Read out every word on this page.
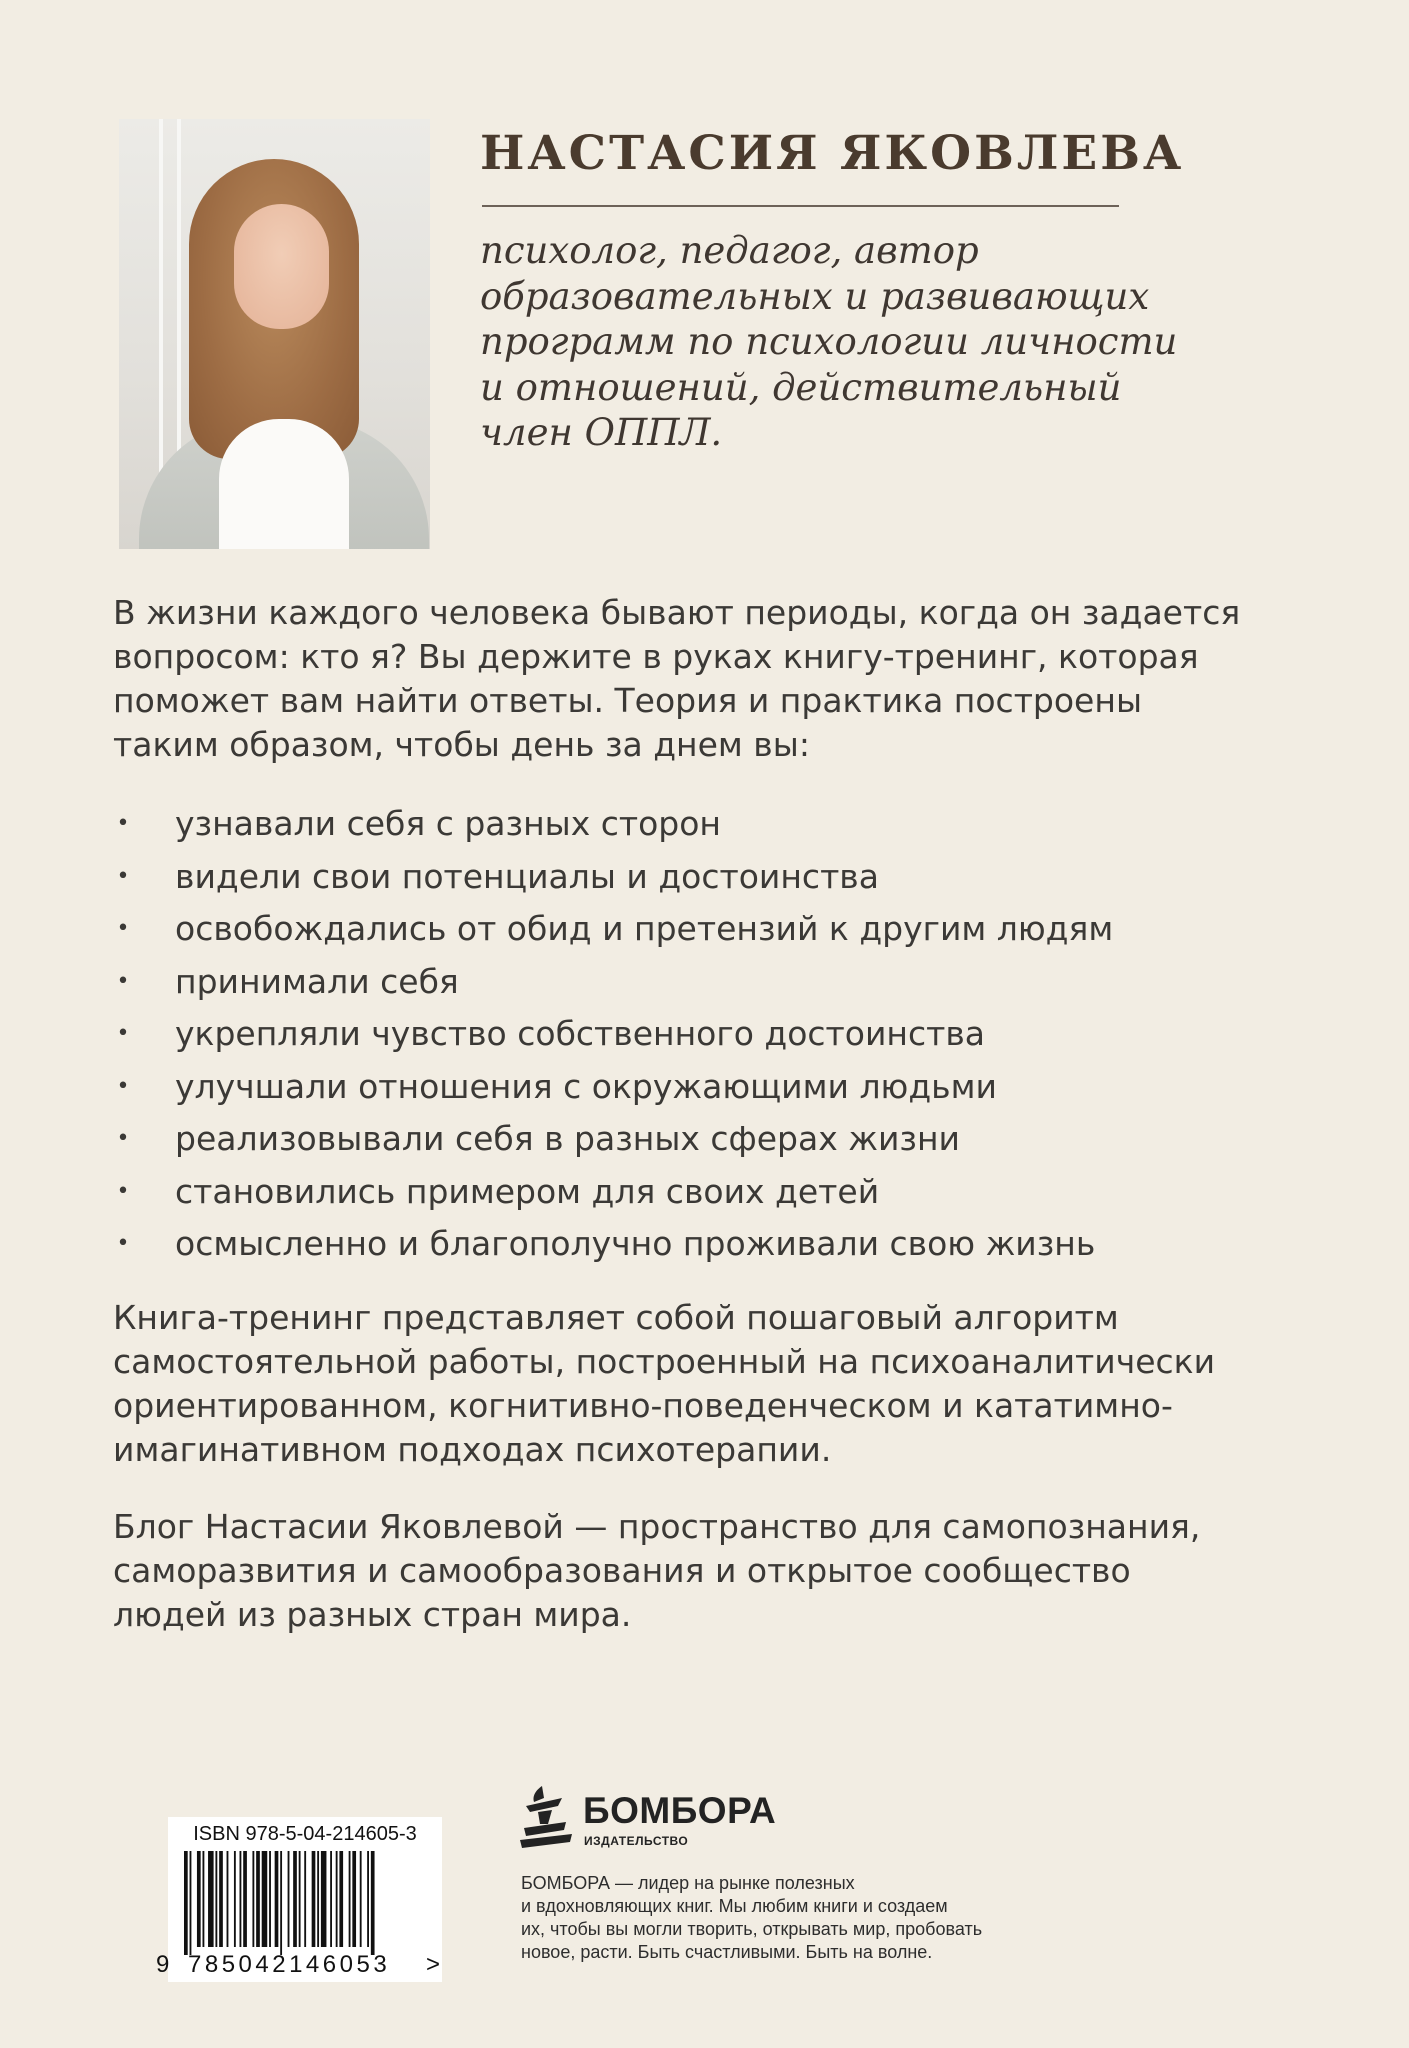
НАСТАСИЯ ЯКОВЛЕВА

психолог, педагог, автор
образовательных и развивающих
программ по психологии личности
и отношений, действительный
член ОППЛ.

В жизни каждого человека бывают периоды, когда он задается
вопросом: кто я? Вы держите в руках книгу-тренинг, которая
поможет вам найти ответы. Теория и практика построены
таким образом, чтобы день за днем вы:

• узнавали себя с разных сторон
• видели свои потенциалы и достоинства
• освобождались от обид и претензий к другим людям
• принимали себя
• укрепляли чувство собственного достоинства
• улучшали отношения с окружающими людьми
• реализовывали себя в разных сферах жизни
• становились примером для своих детей
• осмысленно и благополучно проживали свою жизнь

Книга-тренинг представляет собой пошаговый алгоритм
самостоятельной работы, построенный на психоаналитически
ориентированном, когнитивно-поведенческом и кататимно-
имагинативном подходах психотерапии.

Блог Настасии Яковлевой — пространство для самопознания,
саморазвития и самообразования и открытое сообщество
людей из разных стран мира.

ISBN 978-5-04-214605-3
9 785042146053 >
БОМБОРА
ИЗДАТЕЛЬСТВО

БОМБОРА — лидер на рынке полезных
и вдохновляющих книг. Мы любим книги и создаем
их, чтобы вы могли творить, открывать мир, пробовать
новое, расти. Быть счастливыми. Быть на волне.
